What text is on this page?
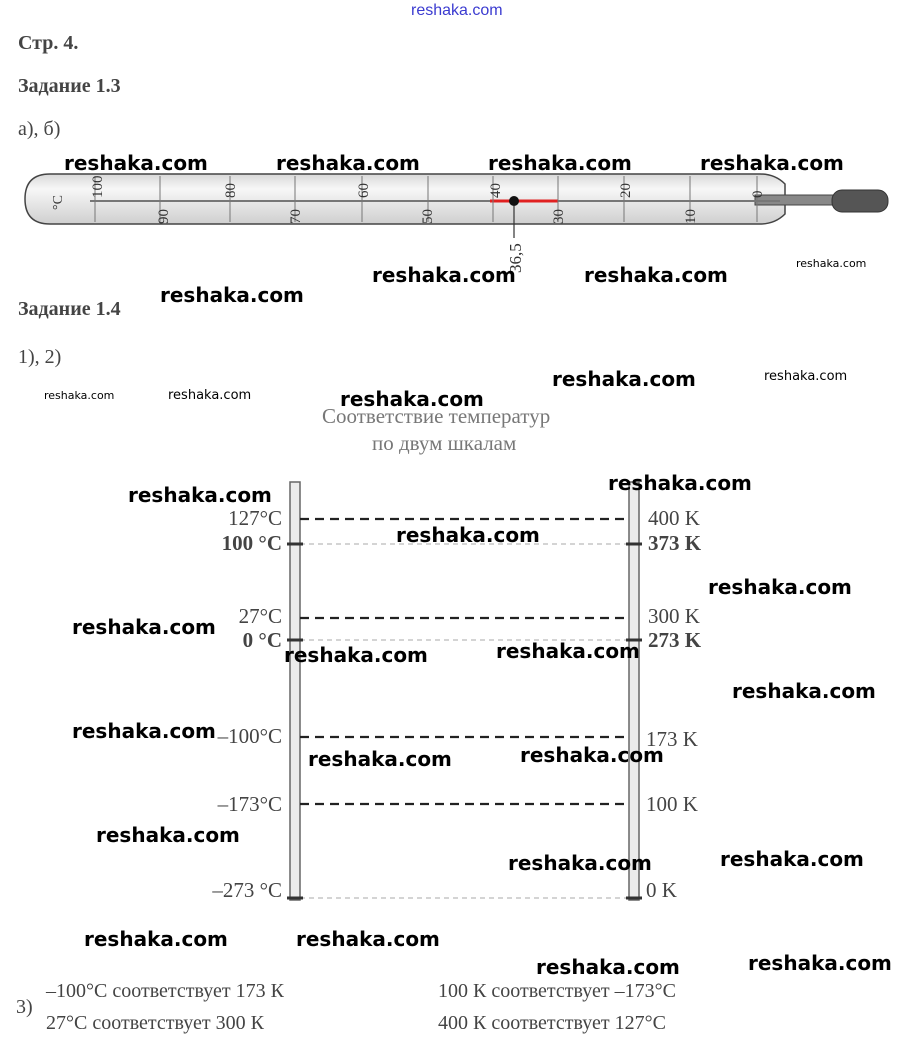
reshaka.com
Стр. 4.
Задание 1.3
а), б)
°С
100	80	60	40	20	0
90	70	50	30	10
36,5
Задание 1.4
1), 2)
Соответствие температур
по двум шкалам
127°C	400 K
100 °C	373 K
27°C	300 K
0 °C	273 K
–100°C	173 K
–173°C	100 K
–273 °C	0 K
3)
–100°С соответствует 173 К	100 К соответствует –173°С
27°С соответствует 300 К	400 К соответствует 127°С
reshaka.com	reshaka.com	reshaka.com	reshaka.com
reshaka.com	reshaka.com	reshaka.com
reshaka.com
reshaka.com
reshaka.com	reshaka.com
reshaka.com	reshaka.com
reshaka.com	reshaka.com
reshaka.com
reshaka.com
reshaka.com
reshaka.com	reshaka.com
reshaka.com
reshaka.com
reshaka.com	reshaka.com
reshaka.com
reshaka.com	reshaka.com
reshaka.com	reshaka.com
reshaka.com	reshaka.com
